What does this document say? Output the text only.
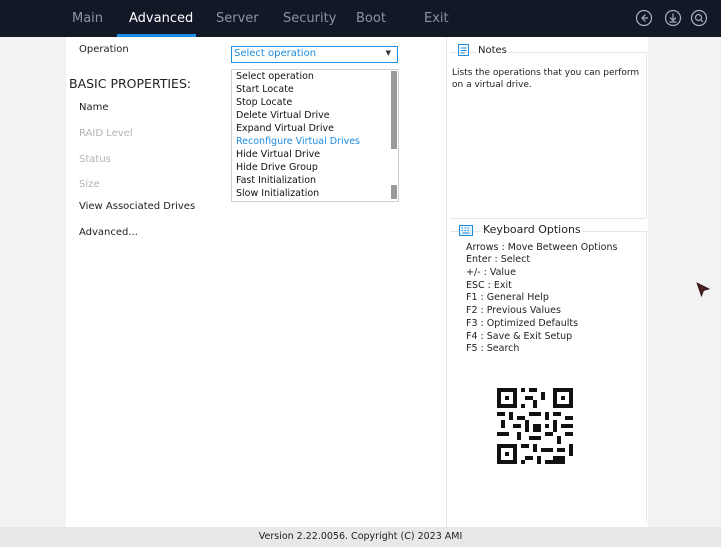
Main Advanced Server Security Boot	Exit
Operation
BASIC PROPERTIES:
Name
RAID Level
Status
Size
View Associated Drives
Advanced...
Select operation	▼
Select operation
Start Locate
Stop Locate
Delete Virtual Drive
Expand Virtual Drive
Reconfigure Virtual Drives
Hide Virtual Drive
Hide Drive Group
Fast Initialization
Slow Initialization
Notes
Lists the operations that you can perform on a virtual drive.
Keyboard Options
Arrows : Move Between Options
Enter : Select
+/- : Value
ESC : Exit
F1 : General Help
F2 : Previous Values
F3 : Optimized Defaults
F4 : Save & Exit Setup
F5 : Search
Version 2.22.0056. Copyright (C) 2023 AMI
